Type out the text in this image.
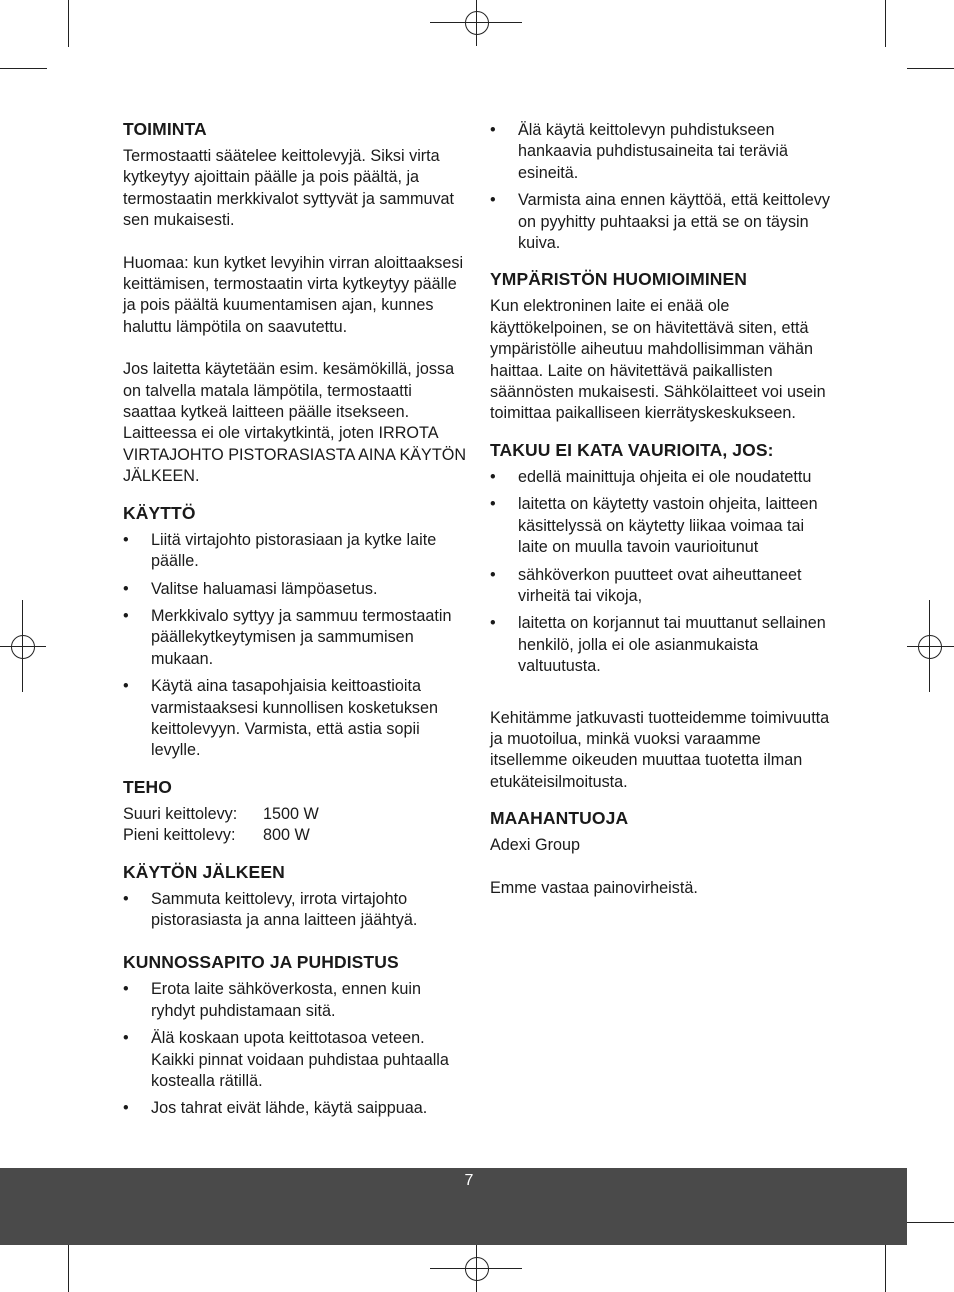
TOIMINTA

Termostaatti säätelee keittolevyjä. Siksi virta kytkeytyy ajoittain päälle ja pois päältä, ja termostaatin merkkivalot syttyvät ja sammuvat sen mukaisesti.

Huomaa: kun kytket levyihin virran aloittaaksesi keittämisen, termostaatin virta kytkeytyy päälle ja pois päältä kuumentamisen ajan, kunnes haluttu lämpötila on saavutettu.

Jos laitetta käytetään esim. kesämökillä, jossa on talvella matala lämpötila, termostaatti saattaa kytkeä laitteen päälle itsekseen. Laitteessa ei ole virtakytkintä, joten IRROTA VIRTAJOHTO PISTORASIASTA AINA KÄYTÖN JÄLKEEN.

KÄYTTÖ
• Liitä virtajohto pistorasiaan ja kytke laite päälle.
• Valitse haluamasi lämpöasetus.
• Merkkivalo syttyy ja sammuu termostaatin päällekytkeytymisen ja sammumisen mukaan.
• Käytä aina tasapohjaisia keittoastioita varmistaaksesi kunnollisen kosketuksen keittolevyyn. Varmista, että astia sopii levylle.
TEHO
Suuri keittolevy:	1500 W
Pieni keittolevy:	800 W
KÄYTÖN JÄLKEEN
• Sammuta keittolevy, irrota virtajohto pistorasiasta ja anna laitteen jäähtyä.
KUNNOSSAPITO JA PUHDISTUS
• Erota laite sähköverkosta, ennen kuin ryhdyt puhdistamaan sitä.
• Älä koskaan upota keittotasoa veteen. Kaikki pinnat voidaan puhdistaa puhtaalla kostealla rätillä.
• Jos tahrat eivät lähde, käytä saippuaa.
• Älä käytä keittolevyn puhdistukseen hankaavia puhdistusaineita tai teräviä esineitä.
• Varmista aina ennen käyttöä, että keittolevy on pyyhitty puhtaaksi ja että se on täysin kuiva.
YMPÄRISTÖN HUOMIOIMINEN

Kun elektroninen laite ei enää ole käyttökelpoinen, se on hävitettävä siten, että ympäristölle aiheutuu mahdollisimman vähän haittaa. Laite on hävitettävä paikallisten säännösten mukaisesti. Sähkölaitteet voi usein toimittaa paikalliseen kierrätyskeskukseen.

TAKUU EI KATA VAURIOITA, JOS:
• edellä mainittuja ohjeita ei ole noudatettu
• laitetta on käytetty vastoin ohjeita, laitteen käsittelyssä on käytetty liikaa voimaa tai laite on muulla tavoin vaurioitunut
• sähköverkon puutteet ovat aiheuttaneet virheitä tai vikoja,
• laitetta on korjannut tai muuttanut sellainen henkilö, jolla ei ole asianmukaista valtuutusta.

Kehitämme jatkuvasti tuotteidemme toimivuutta ja muotoilua, minkä vuoksi varaamme itsellemme oikeuden muuttaa tuotetta ilman etukäteisilmoitusta.

MAAHANTUOJA

Adexi Group

Emme vastaa painovirheistä.

7
